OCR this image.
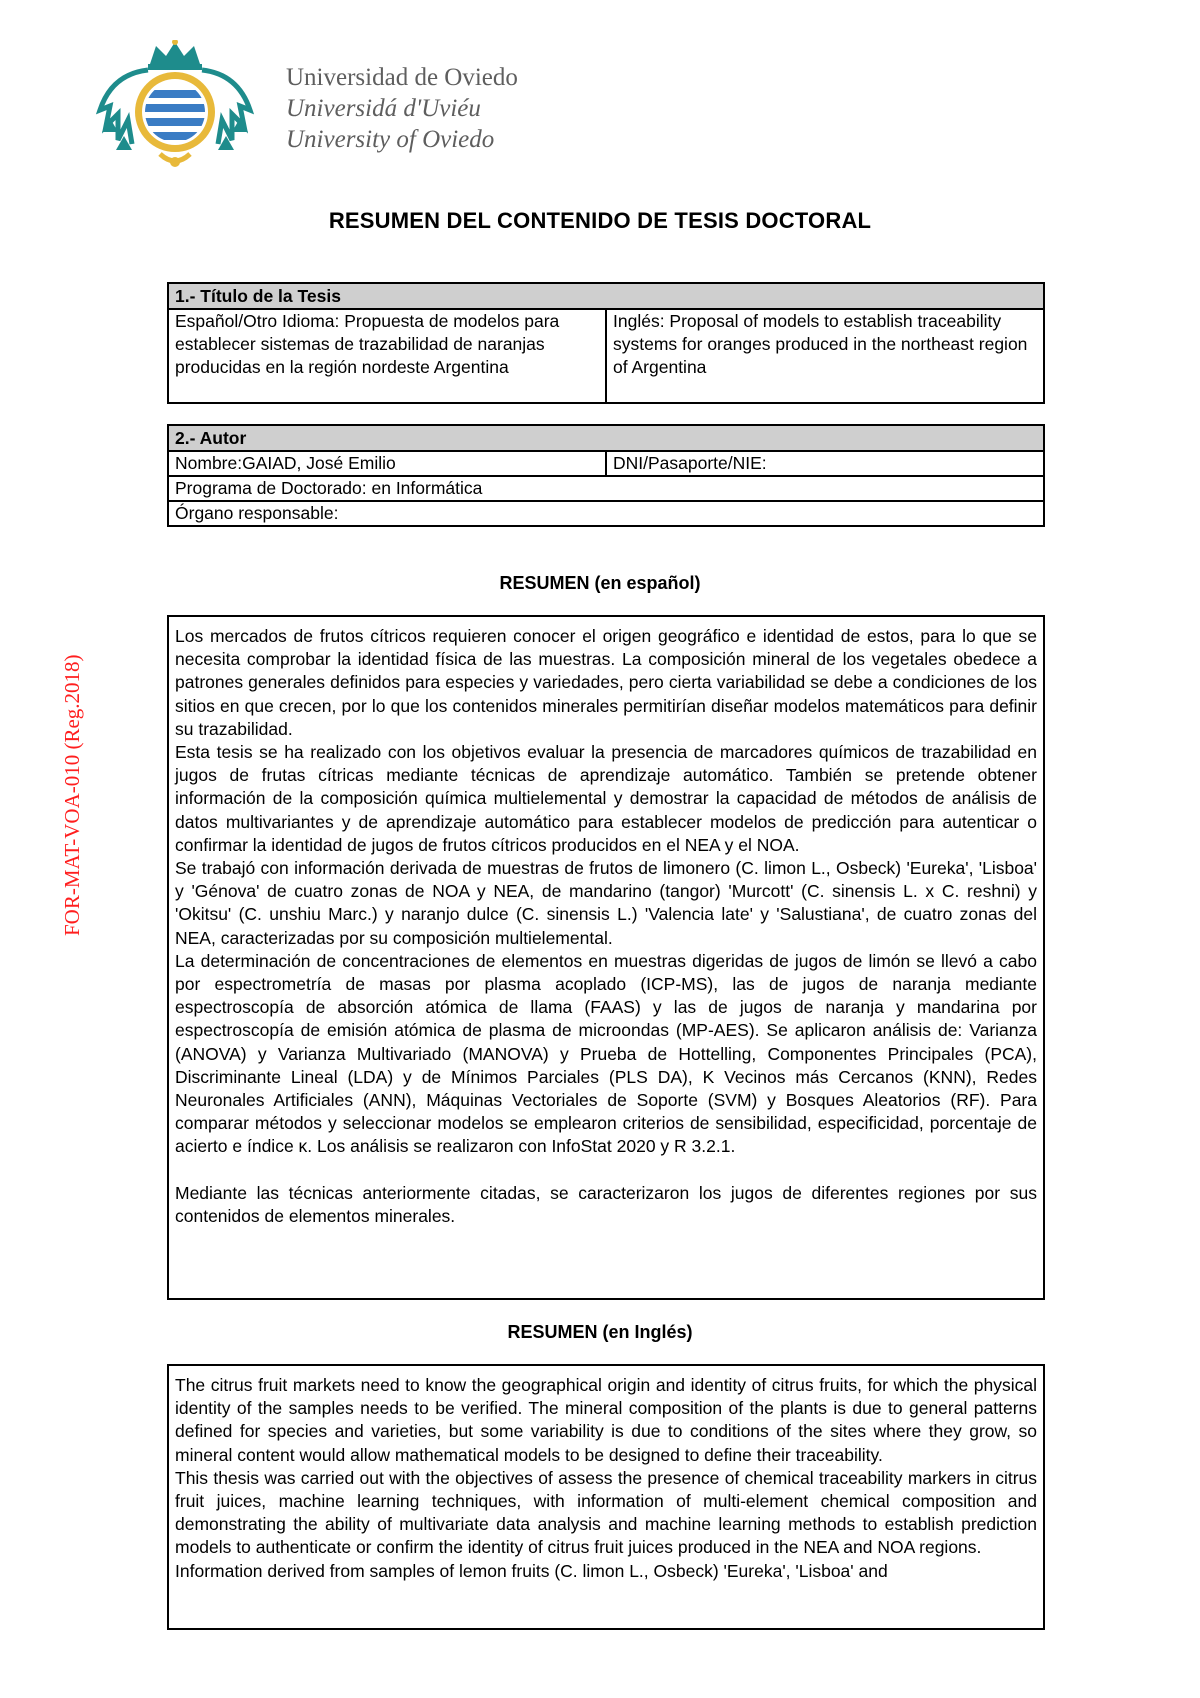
Universidad de Oviedo
Universidá d'Uviéu
University of Oviedo
FOR-MAT-VOA-010 (Reg.2018)
RESUMEN DEL CONTENIDO DE TESIS DOCTORAL
1.- Título de la Tesis
Español/Otro Idioma: Propuesta de modelos para establecer sistemas de trazabilidad de naranjas producidas en la región nordeste Argentina	Inglés: Proposal of models to establish traceability systems for oranges produced in the northeast region of Argentina
2.- Autor
Nombre:GAIAD, José Emilio	DNI/Pasaporte/NIE:
Programa de Doctorado: en Informática
Órgano responsable:
RESUMEN (en español)

Los mercados de frutos cítricos requieren conocer el origen geográfico e identidad de estos, para lo que se necesita comprobar la identidad física de las muestras. La composición mineral de los vegetales obedece a patrones generales definidos para especies y variedades, pero cierta variabilidad se debe a condiciones de los sitios en que crecen, por lo que los contenidos minerales permitirían diseñar modelos matemáticos para definir su trazabilidad.

Esta tesis se ha realizado con los objetivos evaluar la presencia de marcadores químicos de trazabilidad en jugos de frutas cítricas mediante técnicas de aprendizaje automático. También se pretende obtener información de la composición química multielemental y demostrar la capacidad de métodos de análisis de datos multivariantes y de aprendizaje automático para establecer modelos de predicción para autenticar o confirmar la identidad de jugos de frutos cítricos producidos en el NEA y el NOA.

Se trabajó con información derivada de muestras de frutos de limonero (C. limon L., Osbeck) 'Eureka', 'Lisboa' y 'Génova' de cuatro zonas de NOA y NEA, de mandarino (tangor) 'Murcott' (C. sinensis L. x C. reshni) y 'Okitsu' (C. unshiu Marc.) y naranjo dulce (C. sinensis L.) 'Valencia late' y 'Salustiana', de cuatro zonas del NEA, caracterizadas por su composición multielemental.

La determinación de concentraciones de elementos en muestras digeridas de jugos de limón se llevó a cabo por espectrometría de masas por plasma acoplado (ICP-MS), las de jugos de naranja mediante espectroscopía de absorción atómica de llama (FAAS) y las de jugos de naranja y mandarina por espectroscopía de emisión atómica de plasma de microondas (MP-AES). Se aplicaron análisis de: Varianza (ANOVA) y Varianza Multivariado (MANOVA) y Prueba de Hottelling, Componentes Principales (PCA), Discriminante Lineal (LDA) y de Mínimos Parciales (PLS DA), K Vecinos más Cercanos (KNN), Redes Neuronales Artificiales (ANN), Máquinas Vectoriales de Soporte (SVM) y Bosques Aleatorios (RF). Para comparar métodos y seleccionar modelos se emplearon criterios de sensibilidad, especificidad, porcentaje de acierto e índice κ. Los análisis se realizaron con InfoStat 2020 y R 3.2.1.

Mediante las técnicas anteriormente citadas, se caracterizaron los jugos de diferentes regiones por sus contenidos de elementos minerales.

RESUMEN (en Inglés)

The citrus fruit markets need to know the geographical origin and identity of citrus fruits, for which the physical identity of the samples needs to be verified. The mineral composition of the plants is due to general patterns defined for species and varieties, but some variability is due to conditions of the sites where they grow, so mineral content would allow mathematical models to be designed to define their traceability.

This thesis was carried out with the objectives of assess the presence of chemical traceability markers in citrus fruit juices, machine learning techniques, with information of multi-element chemical composition and demonstrating the ability of multivariate data analysis and machine learning methods to establish prediction models to authenticate or confirm the identity of citrus fruit juices produced in the NEA and NOA regions.

Information derived from samples of lemon fruits (C. limon L., Osbeck) 'Eureka', 'Lisboa' and
